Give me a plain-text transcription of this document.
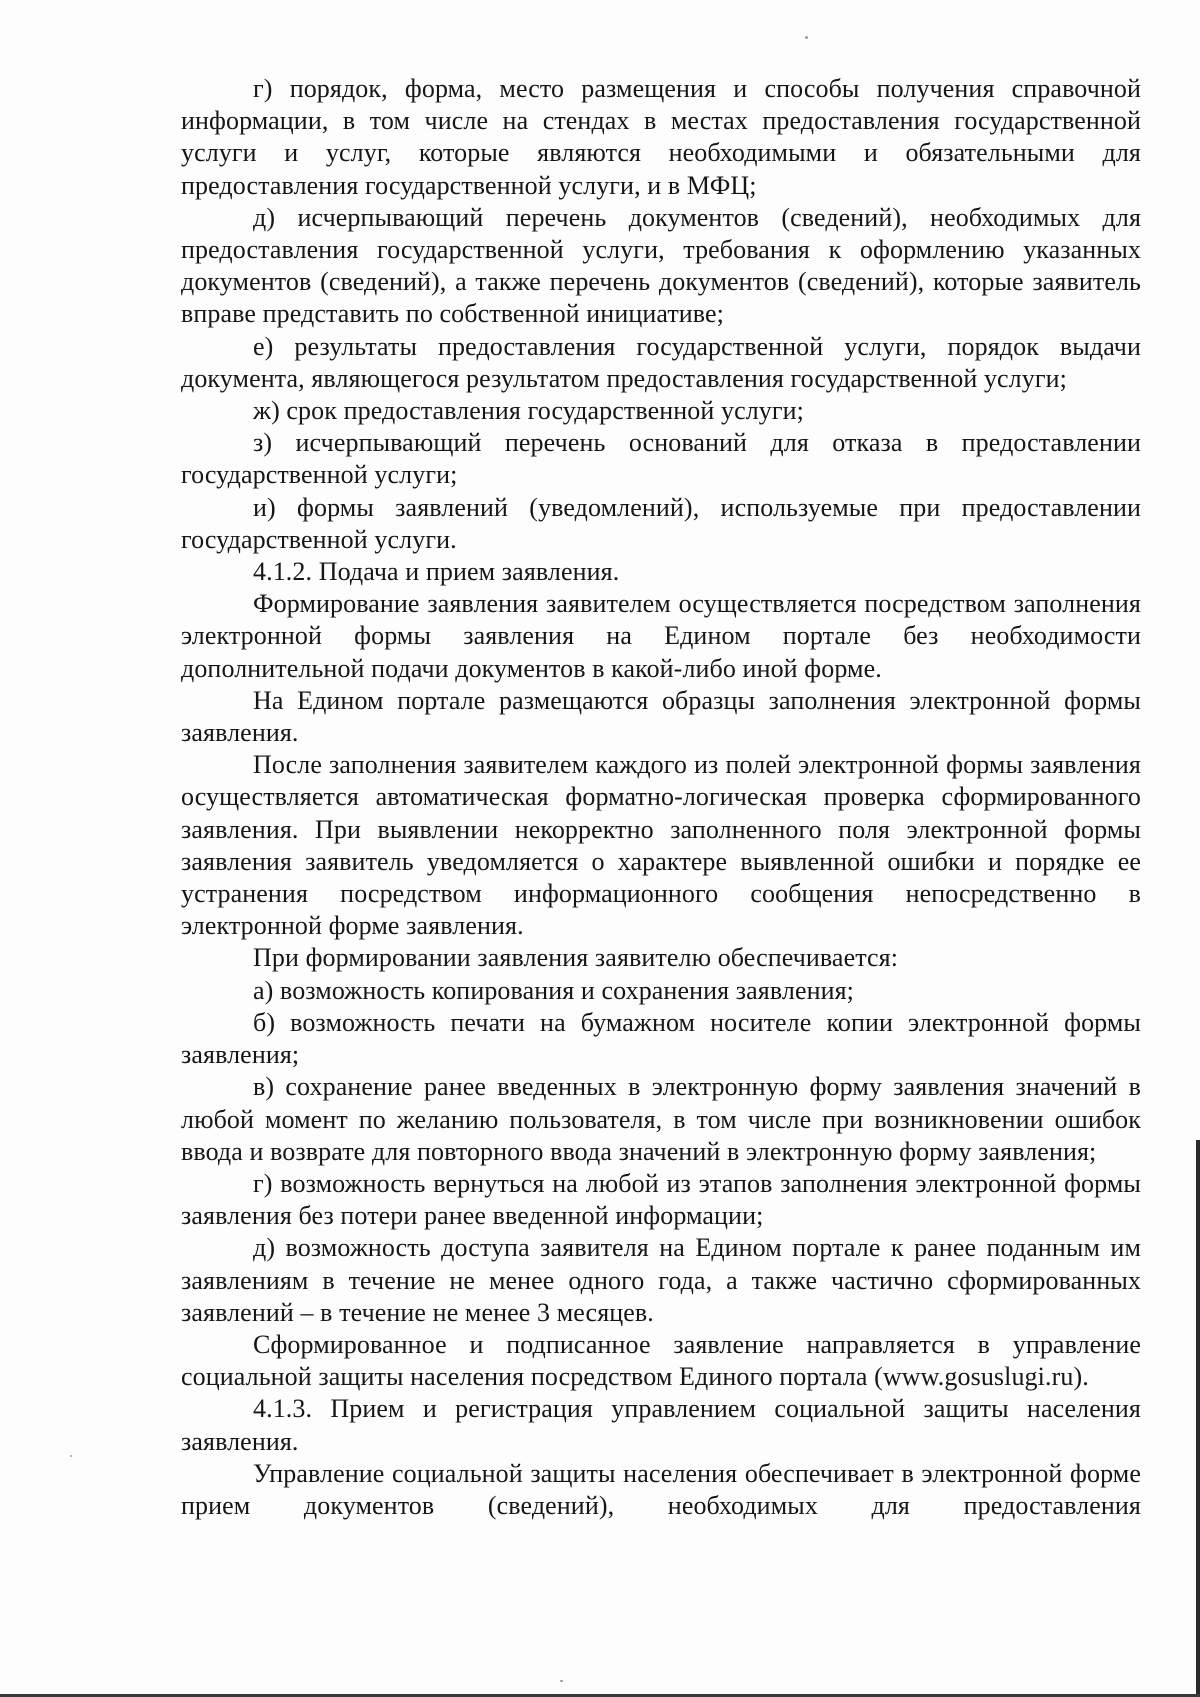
г) порядок, форма, место размещения и способы получения справочной информации, в том числе на стендах в местах предоставления государственной услуги и услуг, которые являются необходимыми и обязательными для предоставления государственной услуги, и в МФЦ;

д) исчерпывающий перечень документов (сведений), необходимых для предоставления государственной услуги, требования к оформлению указанных документов (сведений), а также перечень документов (сведений), которые заявитель вправе представить по собственной инициативе;

е) результаты предоставления государственной услуги, порядок выдачи документа, являющегося результатом предоставления государственной услуги;

ж) срок предоставления государственной услуги;

з) исчерпывающий перечень оснований для отказа в предоставлении государственной услуги;

и) формы заявлений (уведомлений), используемые при предоставлении государственной услуги.

4.1.2. Подача и прием заявления.

Формирование заявления заявителем осуществляется посредством заполнения электронной формы заявления на Едином портале без необходимости дополнительной подачи документов в какой-либо иной форме.

На Едином портале размещаются образцы заполнения электронной формы заявления.

После заполнения заявителем каждого из полей электронной формы заявления осуществляется автоматическая форматно-логическая проверка сформированного заявления. При выявлении некорректно заполненного поля электронной формы заявления заявитель уведомляется о характере выявленной ошибки и порядке ее устранения посредством информационного сообщения непосредственно в электронной форме заявления.

При формировании заявления заявителю обеспечивается:

а) возможность копирования и сохранения заявления;

б) возможность печати на бумажном носителе копии электронной формы заявления;

в) сохранение ранее введенных в электронную форму заявления значений в любой момент по желанию пользователя, в том числе при возникновении ошибок ввода и возврате для повторного ввода значений в электронную форму заявления;

г) возможность вернуться на любой из этапов заполнения электронной формы заявления без потери ранее введенной информации;

д) возможность доступа заявителя на Едином портале к ранее поданным им заявлениям в течение не менее одного года, а также частично сформированных заявлений – в течение не менее 3 месяцев.

Сформированное и подписанное заявление направляется в управление социальной защиты населения посредством Единого портала (www.gosuslugi.ru).

4.1.3. Прием и регистрация управлением социальной защиты населения заявления.

Управление социальной защиты населения обеспечивает в электронной форме прием документов (сведений), необходимых для предоставления
